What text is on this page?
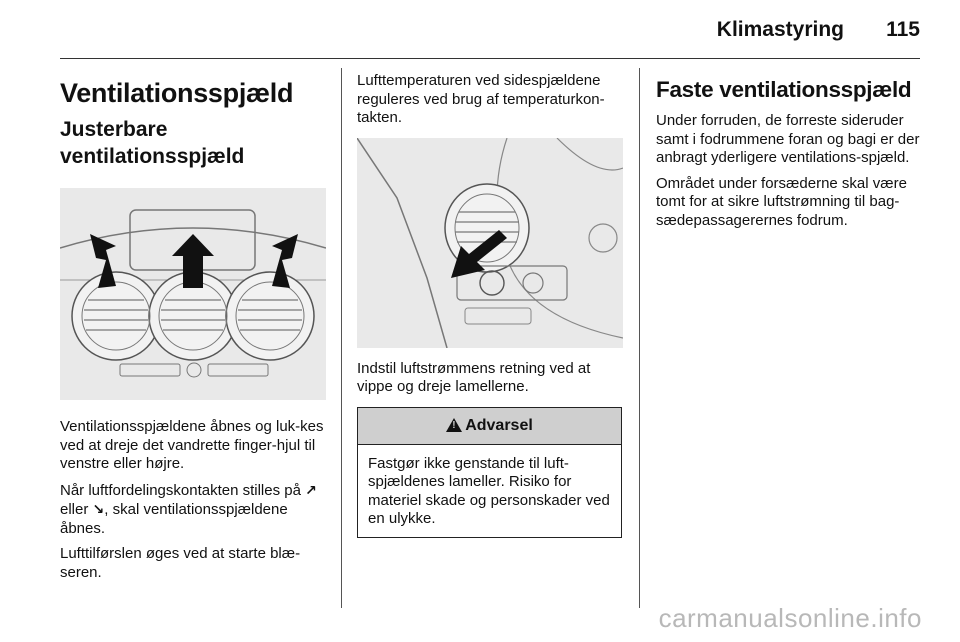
Klimastyring 115
Ventilationsspjæld
Justerbare
ventilationsspjæld

Ventilationsspjældene åbnes og luk-kes ved at dreje det vandrette finger-hjul til venstre eller højre.

Når luftfordelingskontakten stilles på ↗ eller ↘, skal ventilationsspjældene åbnes.

Lufttilførslen øges ved at starte blæ-seren.

Lufttemperaturen ved sidespjældene reguleres ved brug af temperaturkon-takten.

Indstil luftstrømmens retning ved at vippe og dreje lamellerne.

!
Advarsel

Fastgør ikke genstande til luft-spjældenes lameller. Risiko for materiel skade og personskader ved en ulykke.

Faste ventilationsspjæld

Under forruden, de forreste sideruder samt i fodrummene foran og bagi er der anbragt yderligere ventilations-spjæld.

Området under forsæderne skal være tomt for at sikre luftstrømning til bag-sædepassagerernes fodrum.

carmanualsonline.info
